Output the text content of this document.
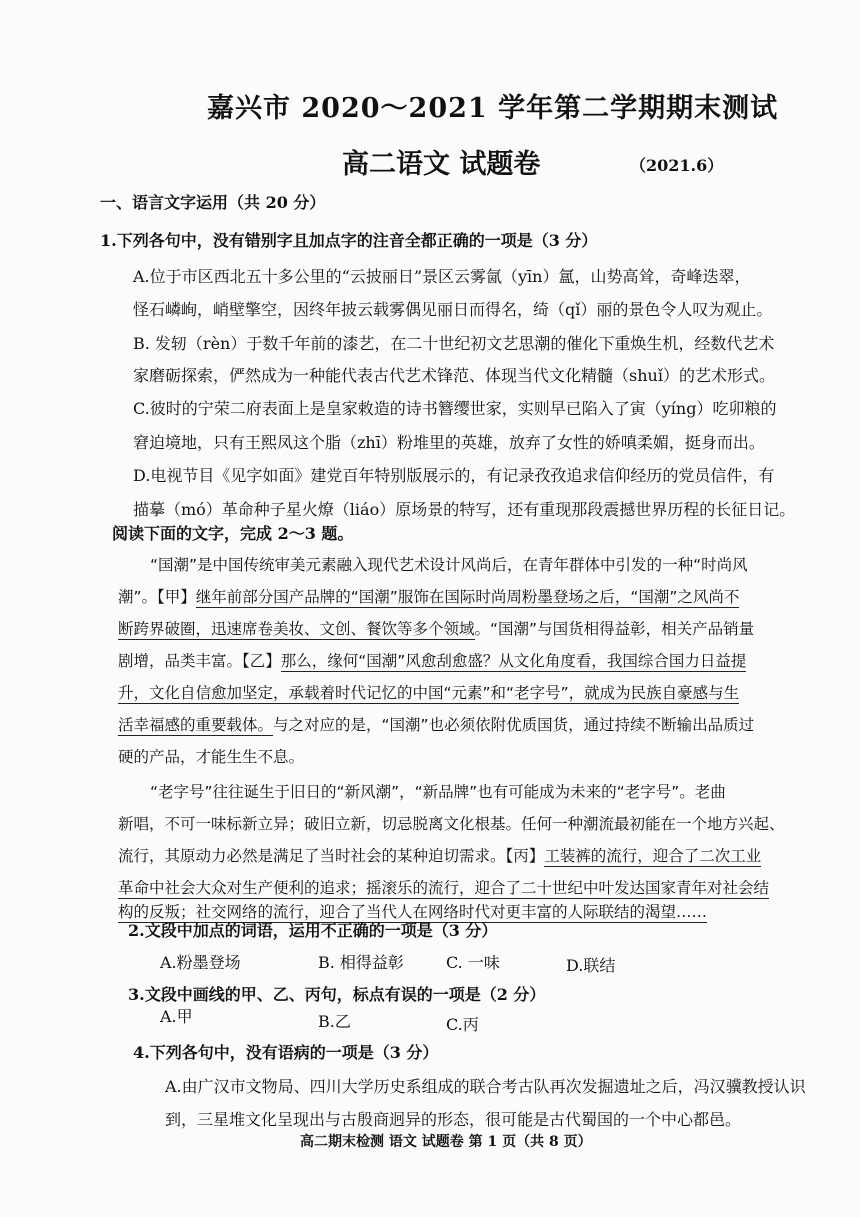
嘉兴市 2020～2021 学年第二学期期末测试
高二语文 试题卷	（2021.6）
一、语言文字运用（共 20 分）
1.下列各句中，没有错别字且加点字的注音全都正确的一项是（3 分）
A.位于市区西北五十多公里的“云披丽日”景区云雾氤（yīn）氲，山势高耸，奇峰迭翠，
怪石嶙峋，峭壁擎空，因终年披云载雾偶见丽日而得名，绮（qǐ）丽的景色令人叹为观止。
B. 发轫（rèn）于数千年前的漆艺，在二十世纪初文艺思潮的催化下重焕生机，经数代艺术
家磨砺探索，俨然成为一种能代表古代艺术锋范、体现当代文化精髓（shuǐ）的艺术形式。
C.彼时的宁荣二府表面上是皇家敕造的诗书簪缨世家，实则早已陷入了寅（yíng）吃卯粮的
窘迫境地，只有王熙凤这个脂（zhī）粉堆里的英雄，放弃了女性的娇嗔柔媚，挺身而出。
D.电视节目《见字如面》建党百年特别版展示的，有记录孜孜追求信仰经历的党员信件，有
描摹（mó）革命种子星火燎（liáo）原场景的特写，还有重现那段震撼世界历程的长征日记。
阅读下面的文字，完成 2～3 题。
“国潮”是中国传统审美元素融入现代艺术设计风尚后，在青年群体中引发的一种“时尚风
潮”。【甲】继年前部分国产品牌的“国潮”服饰在国际时尚周粉墨登场之后，“国潮”之风尚不
断跨界破圈，迅速席卷美妆、文创、餐饮等多个领域。“国潮”与国货相得益彰，相关产品销量
剧增，品类丰富。【乙】那么，缘何“国潮”风愈刮愈盛？从文化角度看，我国综合国力日益提
升，文化自信愈加坚定，承载着时代记忆的中国“元素”和“老字号”，就成为民族自豪感与生
活幸福感的重要载体。与之对应的是，“国潮”也必须依附优质国货，通过持续不断输出品质过
硬的产品，才能生生不息。
“老字号”往往诞生于旧日的“新风潮”，“新品牌”也有可能成为未来的“老字号”。老曲
新唱，不可一味标新立异；破旧立新，切忌脱离文化根基。任何一种潮流最初能在一个地方兴起、
流行，其原动力必然是满足了当时社会的某种迫切需求。【丙】工装裤的流行，迎合了二次工业
革命中社会大众对生产便利的追求；摇滚乐的流行，迎合了二十世纪中叶发达国家青年对社会结
构的反叛；社交网络的流行，迎合了当代人在网络时代对更丰富的人际联结的渴望……
2.文段中加点的词语，运用不正确的一项是（3 分）
A.粉墨登场	B. 相得益彰	C. 一味	D.联结
3.文段中画线的甲、乙、丙句，标点有误的一项是（2 分）
A.甲	B.乙	C.丙
4.下列各句中，没有语病的一项是（3 分）
A.由广汉市文物局、四川大学历史系组成的联合考古队再次发掘遗址之后，冯汉骥教授认识
到，三星堆文化呈现出与古殷商迥异的形态，很可能是古代蜀国的一个中心都邑。
高二期末检测 语文 试题卷 第 1 页（共 8 页）
